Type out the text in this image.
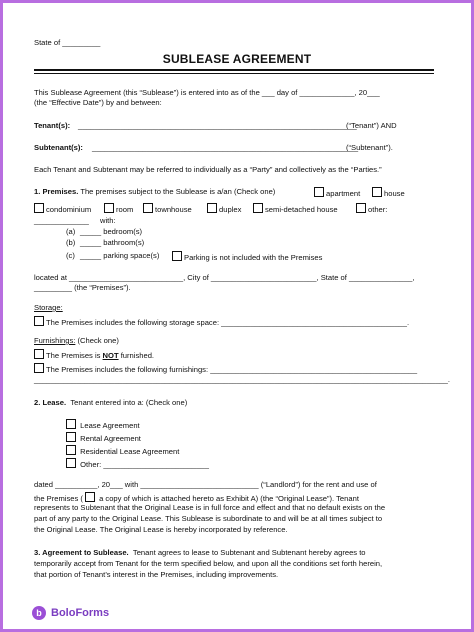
State of _________
SUBLEASE AGREEMENT
This Sublease Agreement (this “Sublease”) is entered into as of the ___ day of _____________, 20___
(the “Effective Date”) by and between:
Tenant(s): __________________________________________________________________
(“Tenant”) AND
Subtenant(s): _______________________________________________________________
(“Subtenant”).
Each Tenant and Subtenant may be referred to individually as a “Party” and collectively as the “Parties.”
1. Premises. The premises subject to the Sublease is a/an (Check one)	apartment	house
condominium	room	townhouse	duplex	semi-detached house	other:
_____________ with:
(a) _____ bedroom(s)
(b) _____ bathroom(s)
(c) _____ parking space(s)	Parking is not included with the Premises
located at ___________________________, City of _________________________, State of _______________,
_________ (the “Premises”).
Storage:
The Premises includes the following storage space: ____________________________________________.
Furnishings: (Check one)
The Premises is NOT furnished.
The Premises includes the following furnishings: _________________________________________________
__________________________________________________________________________________________________.
2. Lease. Tenant entered into a: (Check one)
Lease Agreement
Rental Agreement
Residential Lease Agreement
Other: _________________________
dated __________, 20___ with ____________________________ (“Landlord”) for the rent and use of
the Premises ( a copy of which is attached hereto as Exhibit A) (the “Original Lease”). Tenant
represents to Subtenant that the Original Lease is in full force and effect and that no default exists on the
part of any party to the Original Lease. This Sublease is subordinate to and will be at all times subject to
the Original Lease. The Original Lease is hereby incorporated by reference.
3. Agreement to Sublease. Tenant agrees to lease to Subtenant and Subtenant hereby agrees to
temporarily accept from Tenant for the term specified below, and upon all the conditions set forth herein,
that portion of Tenant’s interest in the Premises, including improvements.
b BoloForms
